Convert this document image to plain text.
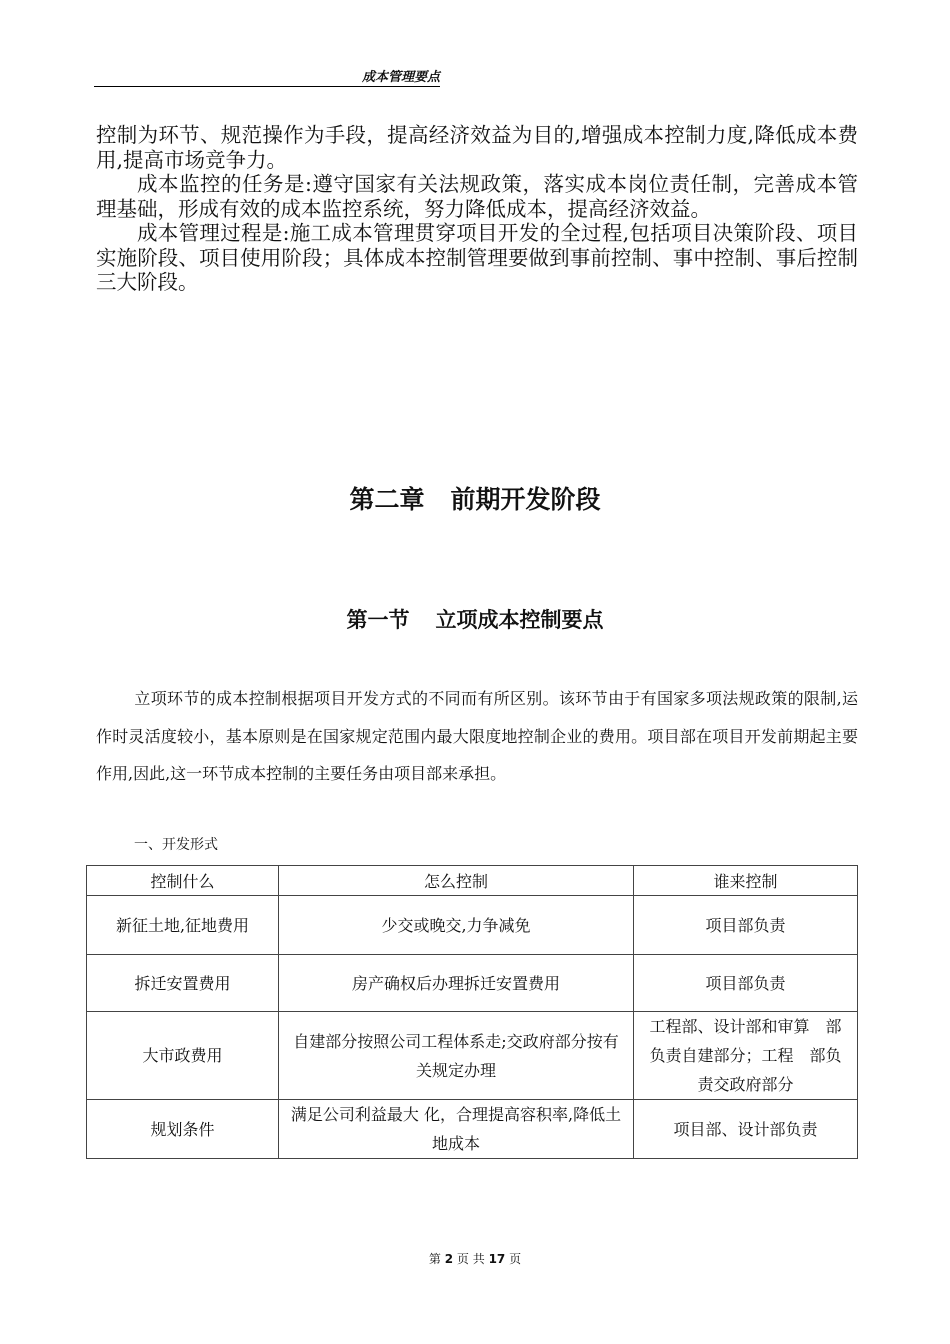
成本管理要点

控制为环节、规范操作为手段，提高经济效益为目的,增强成本控制力度,降低成本费用,提高市场竞争力。

成本监控的任务是:遵守国家有关法规政策，落实成本岗位责任制，完善成本管理基础，形成有效的成本监控系统，努力降低成本，提高经济效益。

成本管理过程是:施工成本管理贯穿项目开发的全过程,包括项目决策阶段、项目实施阶段、项目使用阶段；具体成本控制管理要做到事前控制、事中控制、事后控制三大阶段。

第二章 前期开发阶段
第一节 立项成本控制要点

立项环节的成本控制根据项目开发方式的不同而有所区别。该环节由于有国家多项法规政策的限制,运作时灵活度较小，基本原则是在国家规定范围内最大限度地控制企业的费用。项目部在项目开发前期起主要作用,因此,这一环节成本控制的主要任务由项目部来承担。

一、开发形式
控制什么	怎么控制	谁来控制
新征土地,征地费用	少交或晚交,力争减免	项目部负责
拆迁安置费用	房产确权后办理拆迁安置费用	项目部负责
大市政费用	自建部分按照公司工程体系走;交政府部分按有关规定办理	工程部、设计部和审算　部负责自建部分；工程　部负责交政府部分
规划条件	满足公司利益最大 化，合理提高容积率,降低土地成本	项目部、设计部负责
第 2 页 共 17 页
